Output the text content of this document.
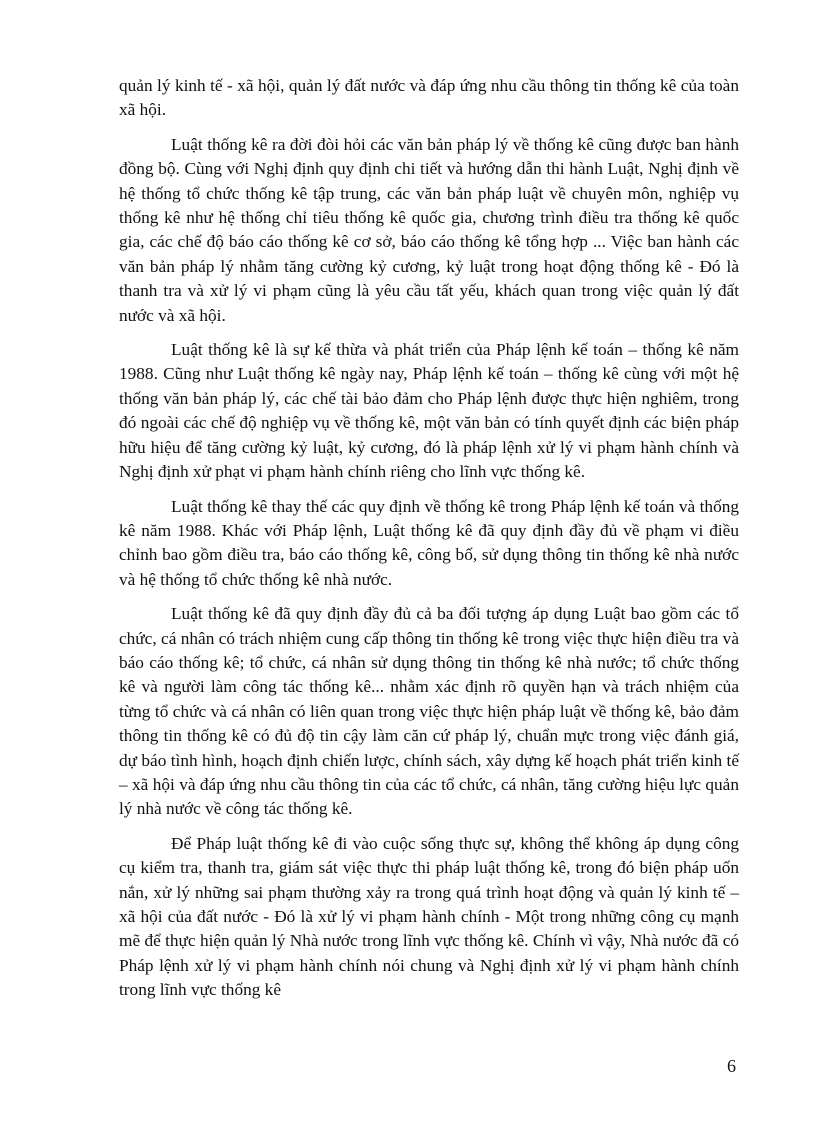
quản lý kinh tế - xã hội, quản lý đất nước và đáp ứng nhu cầu thông tin thống kê của toàn xã hội.

Luật thống kê ra đời đòi hỏi các văn bản pháp lý về thống kê cũng được ban hành đồng bộ. Cùng với Nghị định quy định chi tiết và hướng dẫn thi hành Luật, Nghị định về hệ thống tổ chức thống kê tập trung, các văn bản pháp luật về chuyên môn, nghiệp vụ thống kê như hệ thống chỉ tiêu thống kê quốc gia, chương trình điều tra thống kê quốc gia, các chế độ báo cáo thống kê cơ sở, báo cáo thống kê tổng hợp ... Việc ban hành các văn bản pháp lý nhằm tăng cường kỷ cương, kỷ luật trong hoạt động thống kê - Đó là thanh tra và xử lý vi phạm cũng là yêu cầu tất yếu, khách quan trong việc quản lý đất nước và xã hội.

Luật thống kê là sự kế thừa và phát triển của Pháp lệnh kế toán – thống kê năm 1988. Cũng như Luật thống kê ngày nay, Pháp lệnh kế toán – thống kê cùng với một hệ thống văn bản pháp lý, các chế tài bảo đảm cho Pháp lệnh được thực hiện nghiêm, trong đó ngoài các chế độ nghiệp vụ về thống kê, một văn bản có tính quyết định các biện pháp hữu hiệu để tăng cường kỷ luật, kỷ cương, đó là pháp lệnh xử lý vi phạm hành chính và Nghị định xử phạt vi phạm hành chính riêng cho lĩnh vực thống kê.

Luật thống kê thay thế các quy định về thống kê trong Pháp lệnh kế toán và thống kê năm 1988. Khác với Pháp lệnh, Luật thống kê đã quy định đầy đủ về phạm vi điều chỉnh bao gồm điều tra, báo cáo thống kê, công bố, sử dụng thông tin thống kê nhà nước và hệ thống tổ chức thống kê nhà nước.

Luật thống kê đã quy định đầy đủ cả ba đối tượng áp dụng Luật bao gồm các tổ chức, cá nhân có trách nhiệm cung cấp thông tin thống kê trong việc thực hiện điều tra và báo cáo thống kê; tổ chức, cá nhân sử dụng thông tin thống kê nhà nước; tổ chức thống kê và người làm công tác thống kê... nhằm xác định rõ quyền hạn và trách nhiệm của từng tổ chức và cá nhân có liên quan trong việc thực hiện pháp luật về thống kê, bảo đảm thông tin thống kê có đủ độ tin cậy làm căn cứ pháp lý, chuẩn mực trong việc đánh giá, dự báo tình hình, hoạch định chiến lược, chính sách, xây dựng kế hoạch phát triển kinh tế – xã hội và đáp ứng nhu cầu thông tin của các tổ chức, cá nhân, tăng cường hiệu lực quản lý nhà nước về công tác thống kê.

Để Pháp luật thống kê đi vào cuộc sống thực sự, không thể không áp dụng công cụ kiểm tra, thanh tra, giám sát việc thực thi pháp luật thống kê, trong đó biện pháp uốn nắn, xử lý những sai phạm thường xảy ra trong quá trình hoạt động và quản lý kinh tế – xã hội của đất nước - Đó là xử lý vi phạm hành chính - Một trong những công cụ mạnh mẽ để thực hiện quản lý Nhà nước trong lĩnh vực thống kê. Chính vì vậy, Nhà nước đã có Pháp lệnh xử lý vi phạm hành chính nói chung và Nghị định xử lý vi phạm hành chính trong lĩnh vực thống kê

6
